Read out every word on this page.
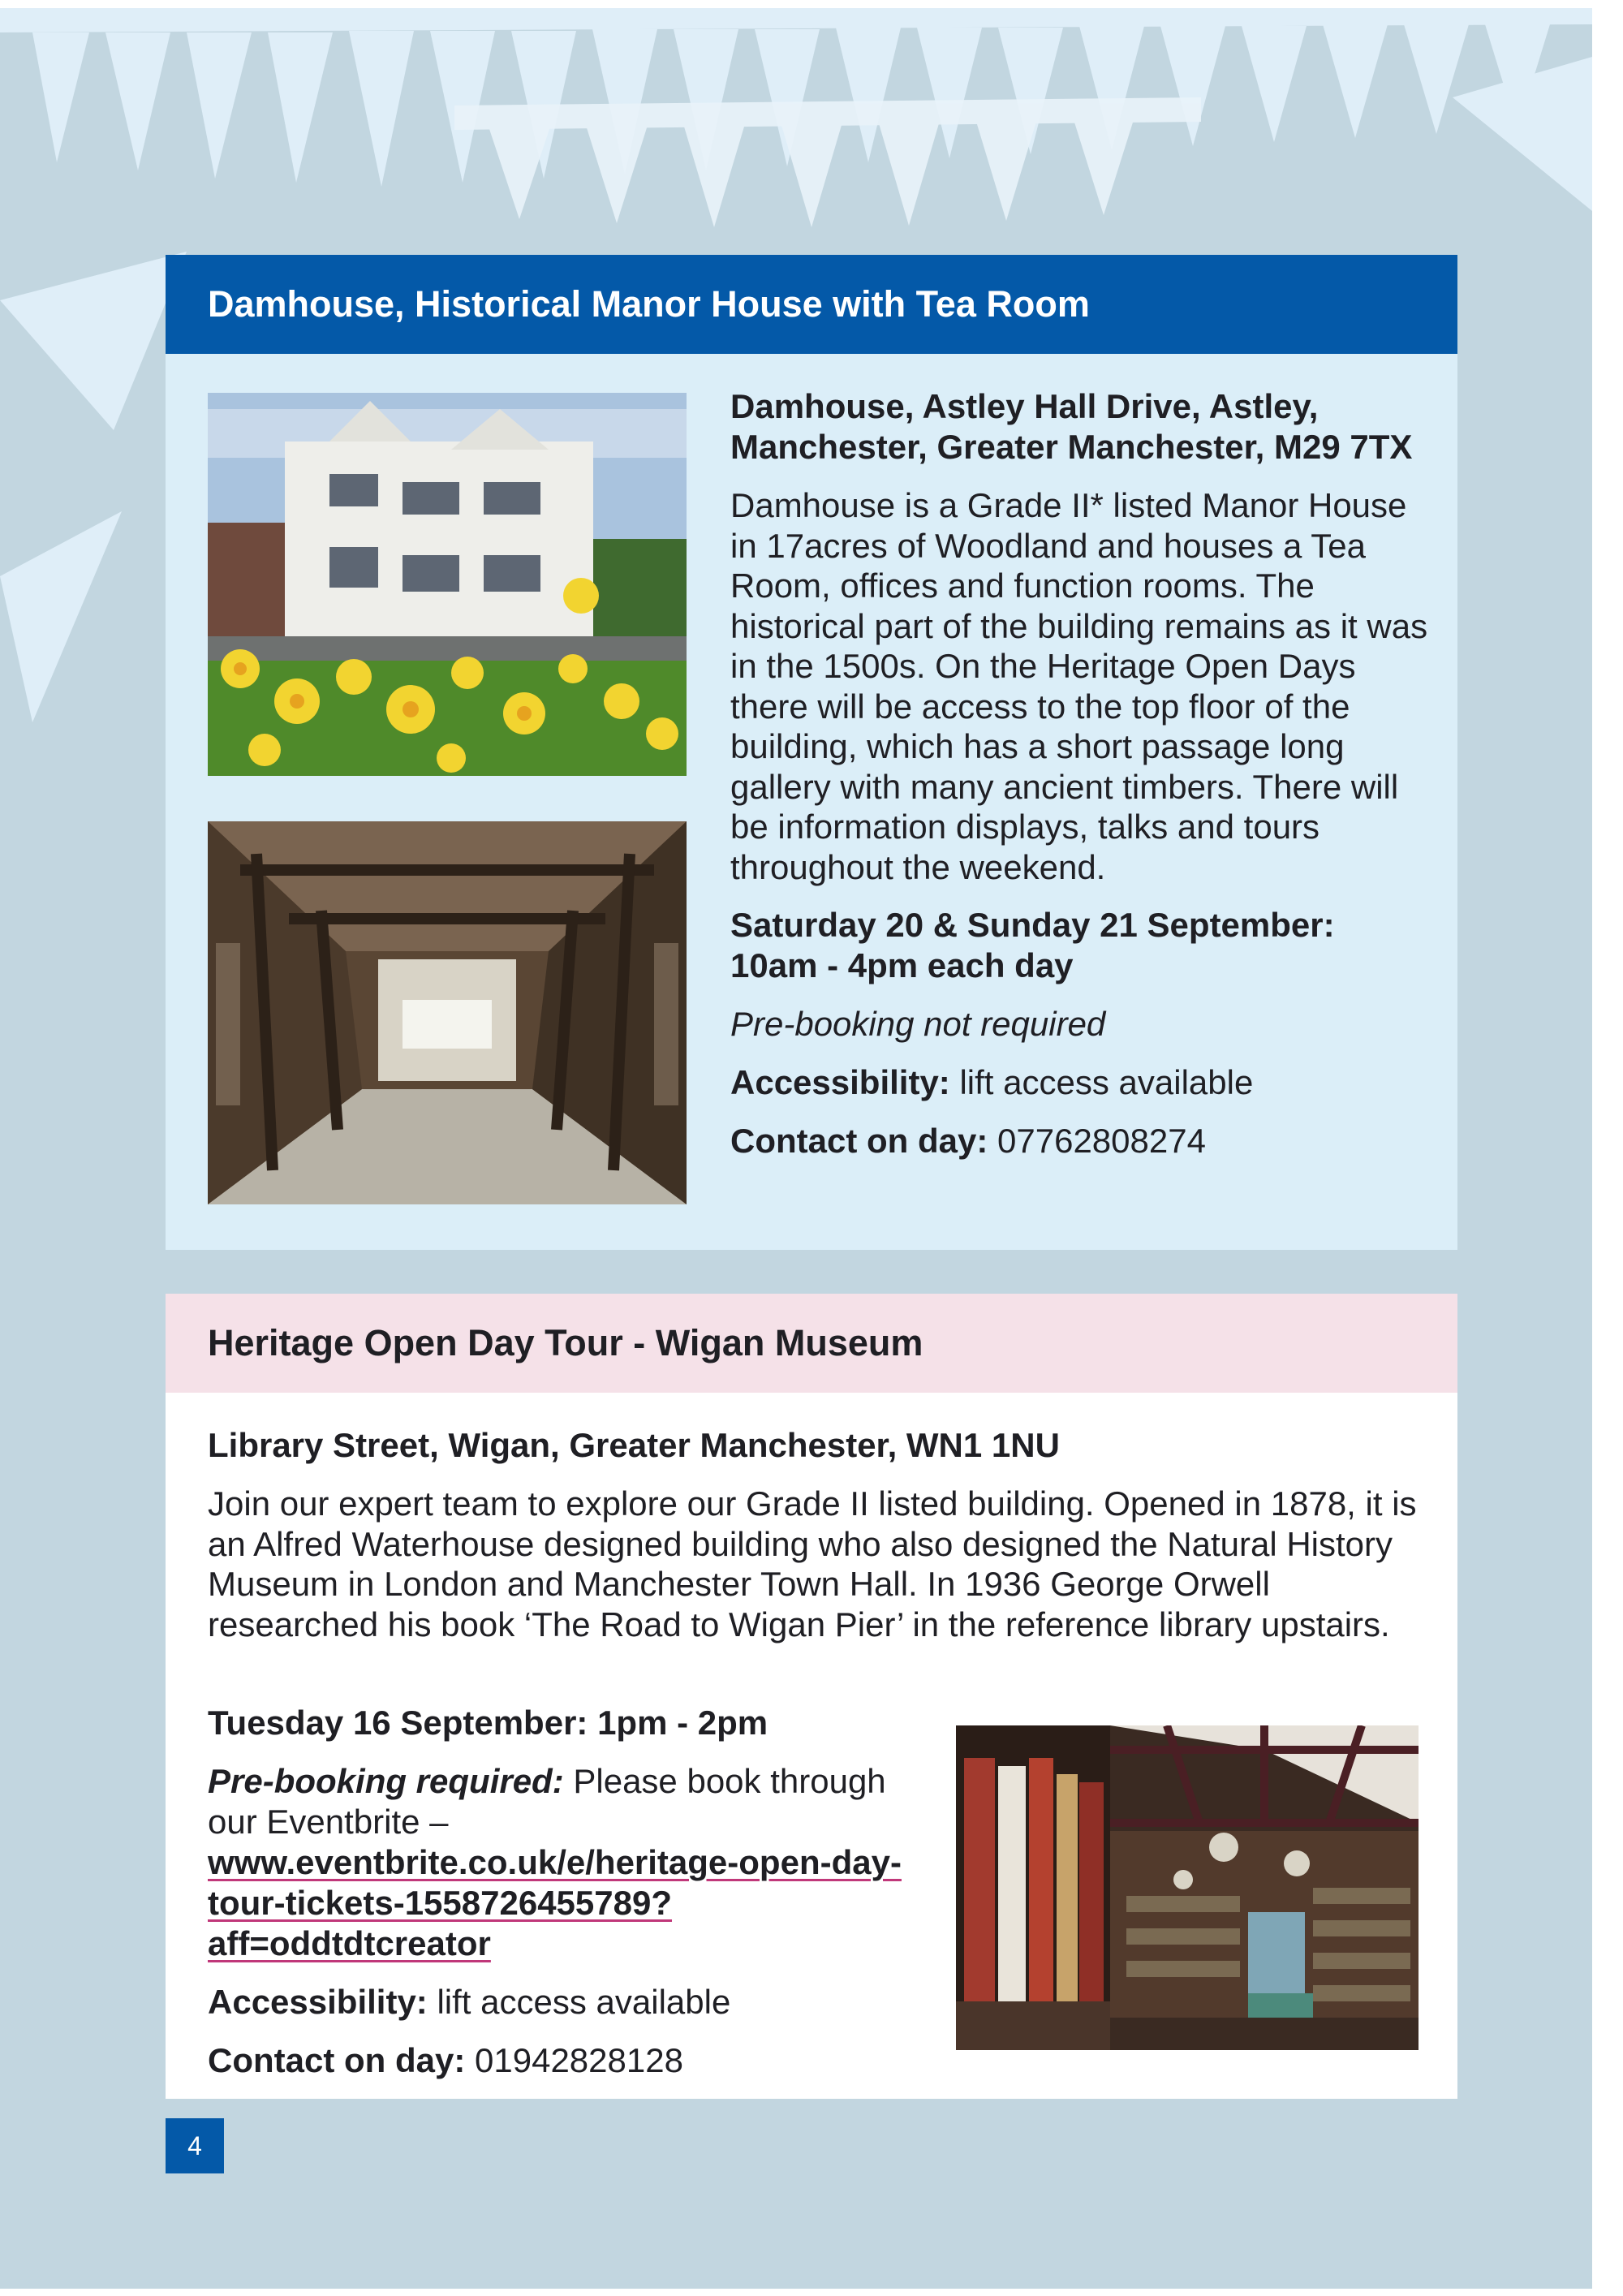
Damhouse, Historical Manor House with Tea Room

Damhouse, Astley Hall Drive, Astley, Manchester, Greater Manchester, M29 7TX

Damhouse is a Grade II* listed Manor House in 17acres of Woodland and houses a Tea Room, offices and function rooms. The historical part of the building remains as it was in the 1500s. On the Heritage Open Days there will be access to the top floor of the building, which has a short passage long gallery with many ancient timbers. There will be information displays, talks and tours throughout the weekend.

Saturday 20 & Sunday 21 September: 10am - 4pm each day

Pre-booking not required

Accessibility: lift access available

Contact on day: 07762808274

Heritage Open Day Tour - Wigan Museum

Library Street, Wigan, Greater Manchester, WN1 1NU

Join our expert team to explore our Grade II listed building. Opened in 1878, it is an Alfred Waterhouse designed building who also designed the Natural History Museum in London and Manchester Town Hall. In 1936 George Orwell researched his book ‘The Road to Wigan Pier’ in the reference library upstairs.

Tuesday 16 September: 1pm - 2pm

Pre-booking required: Please book through our Eventbrite – www.eventbrite.co.uk/e/heritage-open-day-tour-tickets-1558726455789?aff=oddtdtcreator

Accessibility: lift access available

Contact on day: 01942828128

4
